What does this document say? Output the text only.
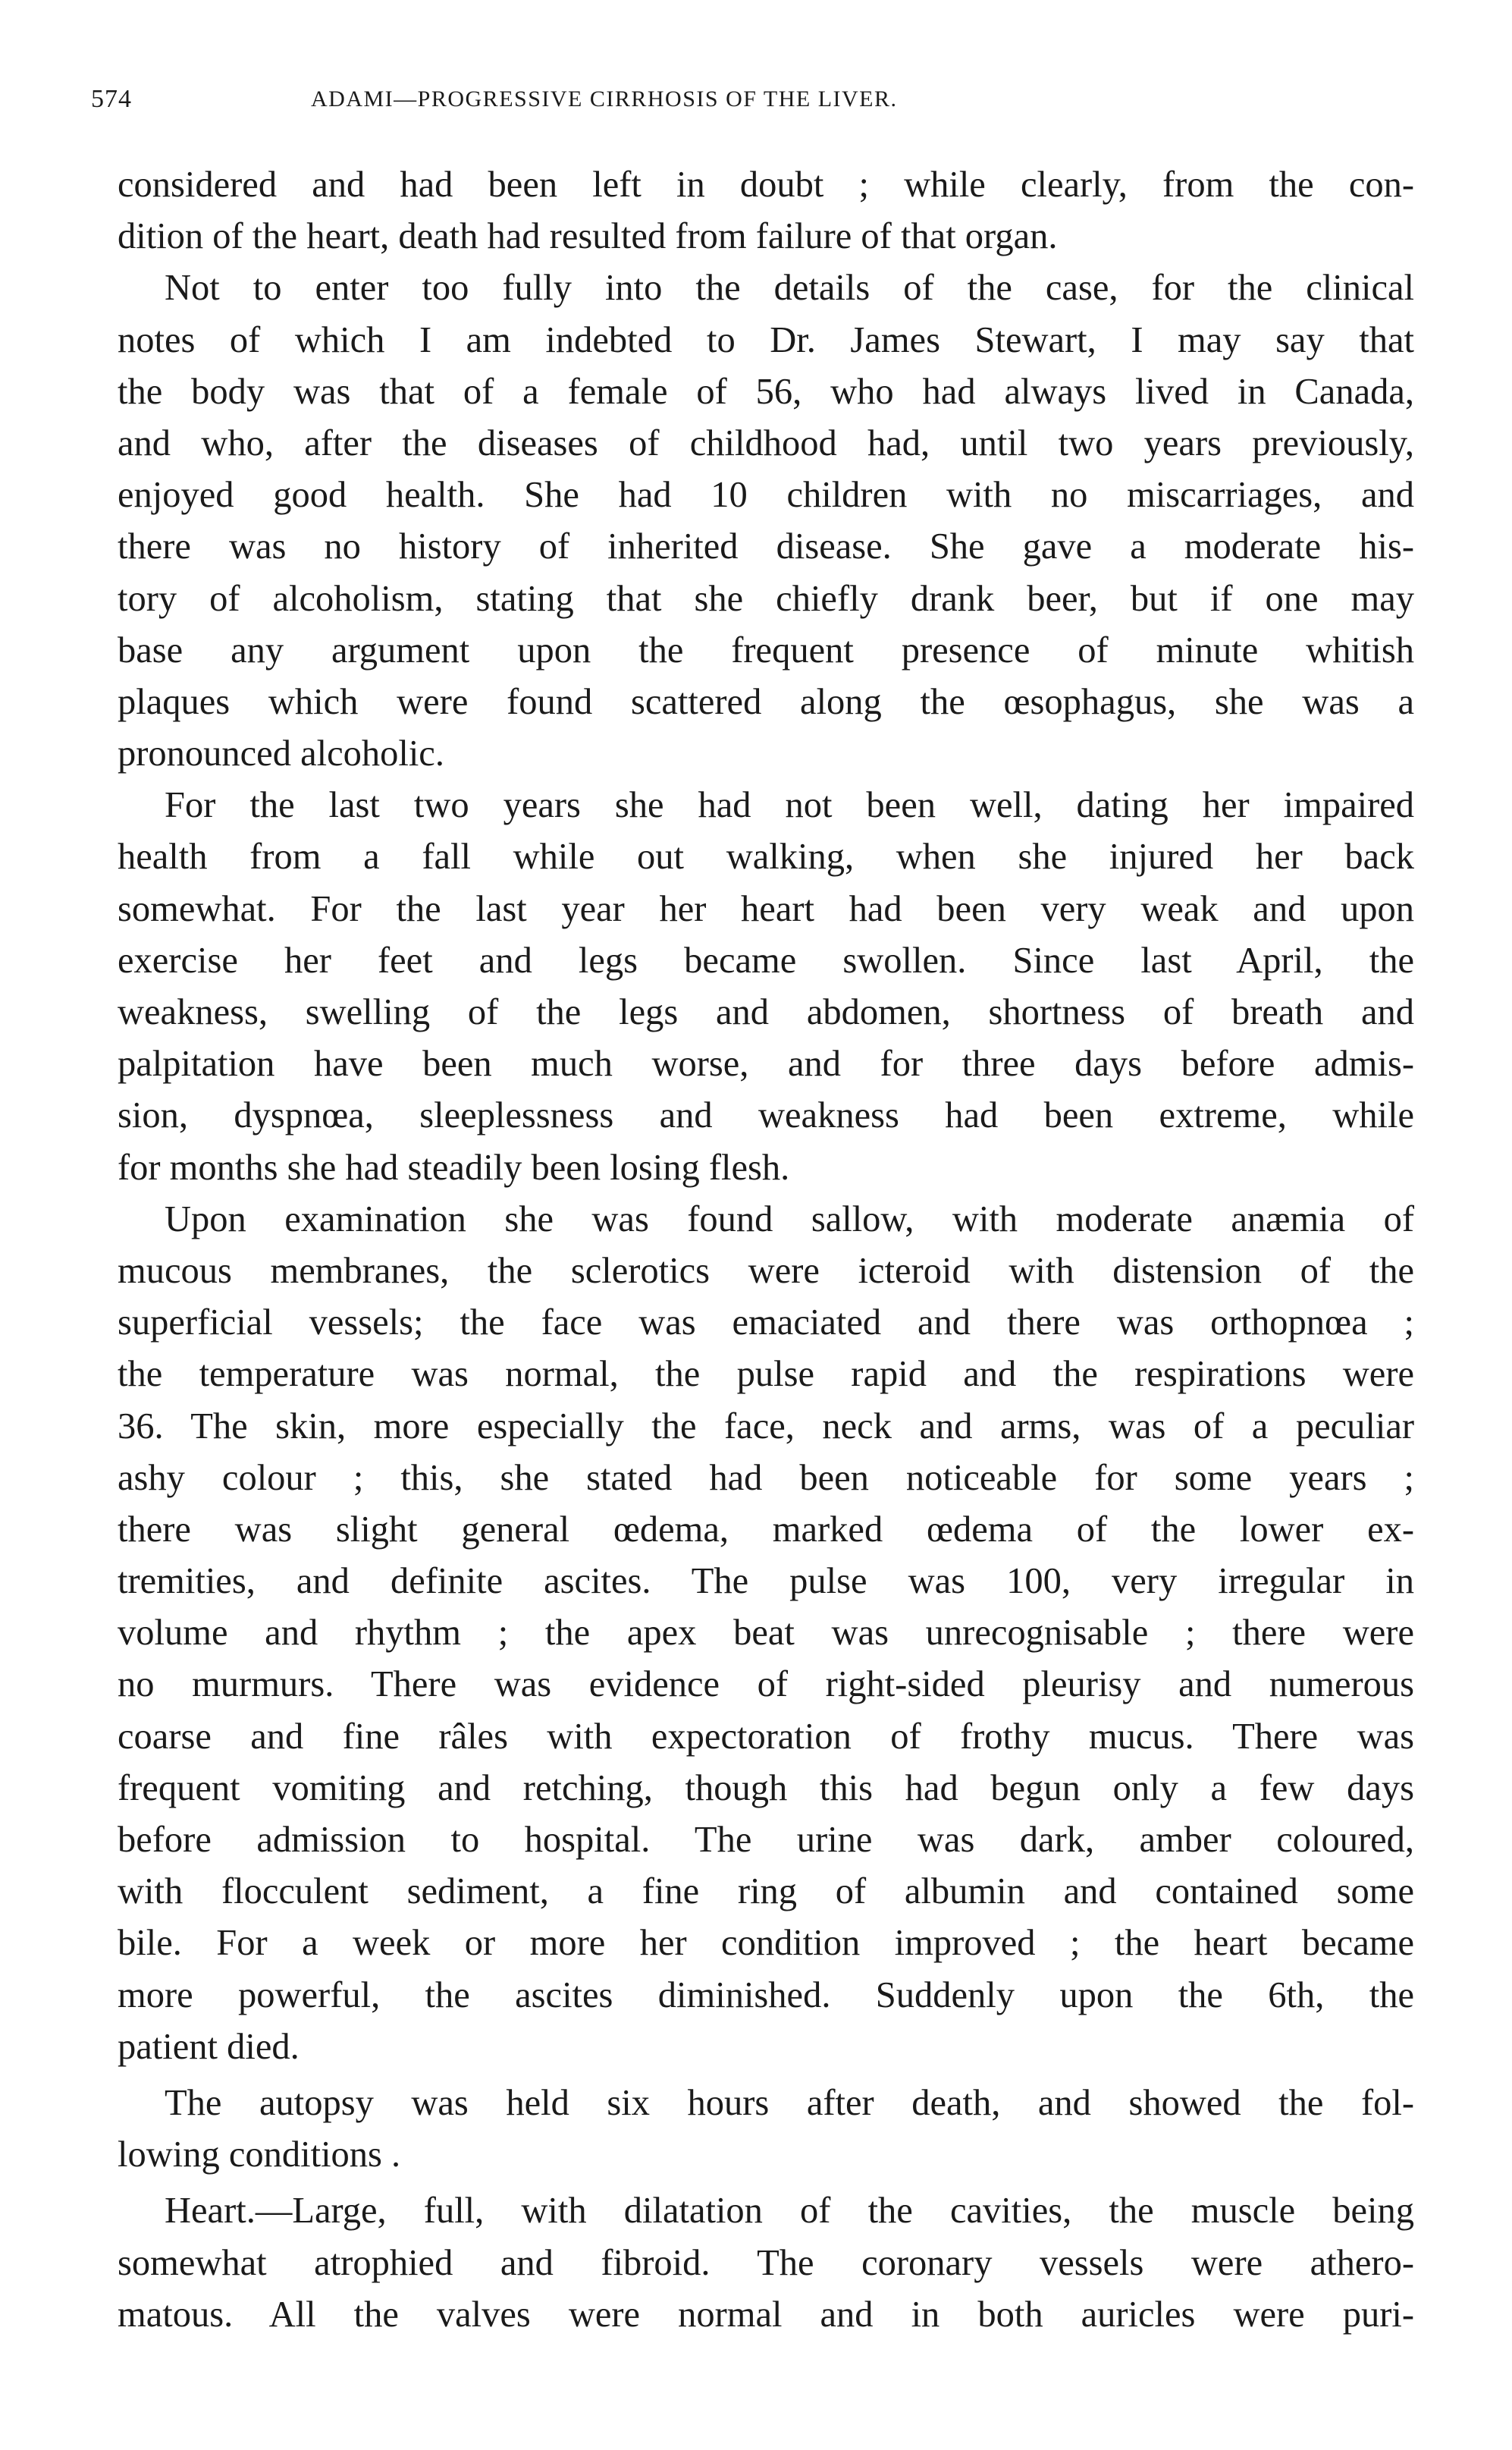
574	ADAMI—PROGRESSIVE CIRRHOSIS OF THE LIVER.
considered and had been left in doubt ; while clearly, from the con-
dition of the heart, death had resulted from failure of that organ.
Not to enter too fully into the details of the case, for the clinical
notes of which I am indebted to Dr. James Stewart, I may say that
the body was that of a female of 56, who had always lived in Canada,
and who, after the diseases of childhood had, until two years previously,
enjoyed good health. She had 10 children with no miscarriages, and
there was no history of inherited disease. She gave a moderate his-
tory of alcoholism, stating that she chiefly drank beer, but if one may
base any argument upon the frequent presence of minute whitish
plaques which were found scattered along the œsophagus, she was a
pronounced alcoholic.
For the last two years she had not been well, dating her impaired
health from a fall while out walking, when she injured her back
somewhat. For the last year her heart had been very weak and upon
exercise her feet and legs became swollen. Since last April, the
weakness, swelling of the legs and abdomen, shortness of breath and
palpitation have been much worse, and for three days before admis-
sion, dyspnœa, sleeplessness and weakness had been extreme, while
for months she had steadily been losing flesh.
Upon examination she was found sallow, with moderate anæmia of
mucous membranes, the sclerotics were icteroid with distension of the
superficial vessels; the face was emaciated and there was orthopnœa ;
the temperature was normal, the pulse rapid and the respirations were
36. The skin, more especially the face, neck and arms, was of a peculiar
ashy colour ; this, she stated had been noticeable for some years ;
there was slight general œdema, marked œdema of the lower ex-
tremities, and definite ascites. The pulse was 100, very irregular in
volume and rhythm ; the apex beat was unrecognisable ; there were
no murmurs. There was evidence of right-sided pleurisy and numerous
coarse and fine râles with expectoration of frothy mucus. There was
frequent vomiting and retching, though this had begun only a few days
before admission to hospital. The urine was dark, amber coloured,
with flocculent sediment, a fine ring of albumin and contained some
bile. For a week or more her condition improved ; the heart became
more powerful, the ascites diminished. Suddenly upon the 6th, the
patient died.
The autopsy was held six hours after death, and showed the fol-
lowing conditions .
Heart.—Large, full, with dilatation of the cavities, the muscle being
somewhat atrophied and fibroid. The coronary vessels were athero-
matous. All the valves were normal and in both auricles were puri-
